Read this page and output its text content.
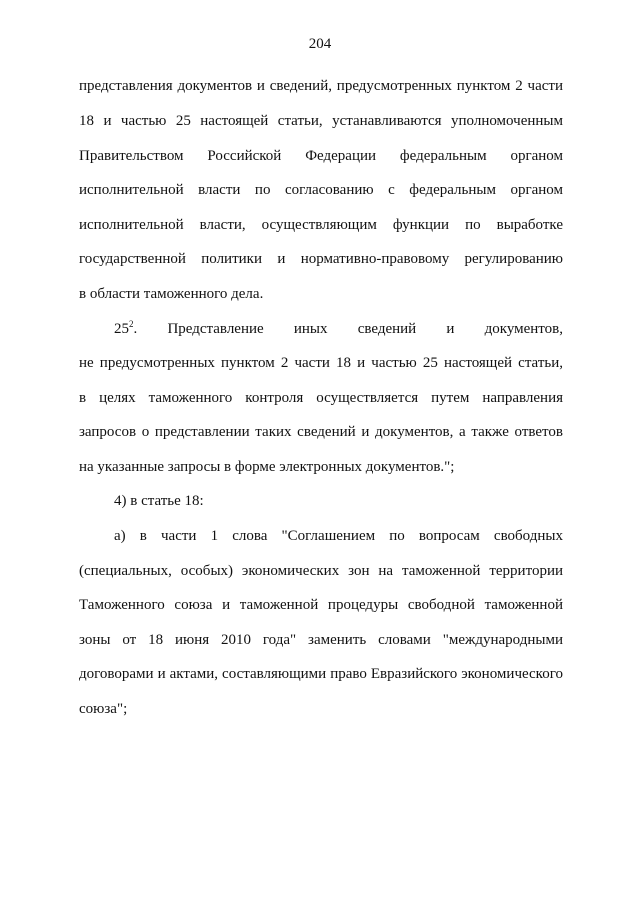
204
представления документов и сведений, предусмотренных пунктом 2 части
18 и частью 25 настоящей статьи, устанавливаются уполномоченным
Правительством Российской Федерации федеральным органом
исполнительной власти по согласованию с федеральным органом
исполнительной власти, осуществляющим функции по выработке
государственной политики и нормативно-правовому регулированию
в области таможенного дела.
$25^2$. Представление иных сведений и документов,
не предусмотренных пунктом 2 части 18 и частью 25 настоящей статьи,
в целях таможенного контроля осуществляется путем направления
запросов о представлении таких сведений и документов, а также ответов
на указанные запросы в форме электронных документов.";
4) в статье 18:
а) в части 1 слова "Соглашением по вопросам свободных
(специальных, особых) экономических зон на таможенной территории
Таможенного союза и таможенной процедуры свободной таможенной
зоны от 18 июня 2010 года" заменить словами "международными
договорами и актами, составляющими право Евразийского экономического
союза";
